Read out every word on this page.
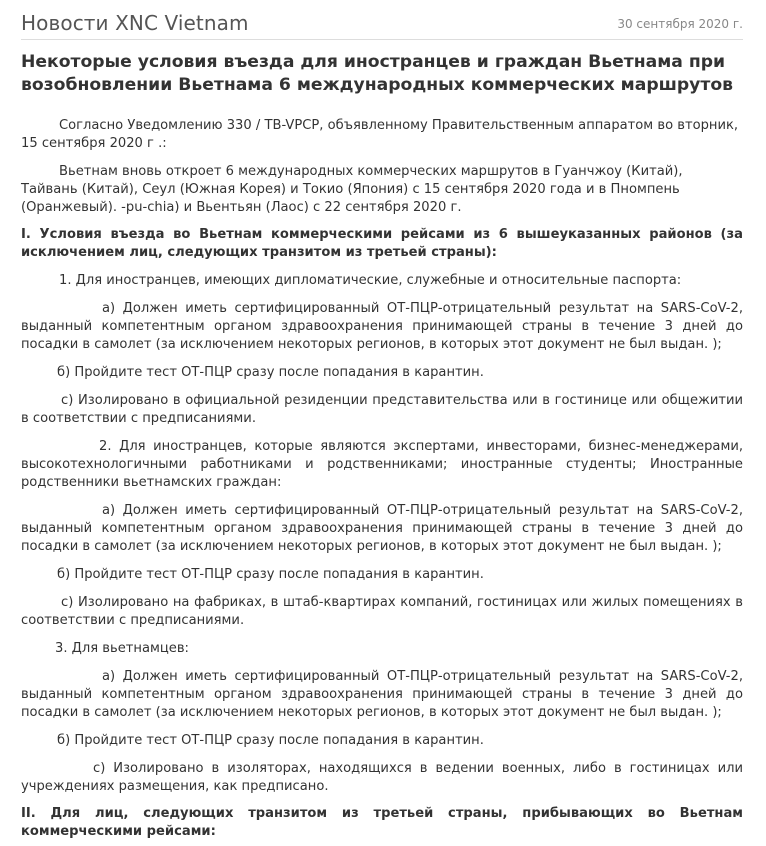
Новости XNC Vietnam	30 сентября 2020 г.
Некоторые условия въезда для иностранцев и граждан Вьетнама при возобновлении Вьетнама 6 международных коммерческих маршрутов

Согласно Уведомлению 330 / TB-VPCP, объявленному Правительственным аппаратом во вторник, 15 сентября 2020 г .:

Вьетнам вновь откроет 6 международных коммерческих маршрутов в Гуанчжоу (Китай), Тайвань (Китай), Сеул (Южная Корея) и Токио (Япония) с 15 сентября 2020 года и в Пномпень (Оранжевый). -pu-chia) и Вьентьян (Лаос) с 22 сентября 2020 г.

I. Условия въезда во Вьетнам коммерческими рейсами из 6 вышеуказанных районов (за исключением лиц, следующих транзитом из третьей страны):

1. Для иностранцев, имеющих дипломатические, служебные и относительные паспорта:

а) Должен иметь сертифицированный ОТ-ПЦР-отрицательный результат на SARS-CoV-2, выданный компетентным органом здравоохранения принимающей страны в течение 3 дней до посадки в самолет (за исключением некоторых регионов, в которых этот документ не был выдан. );

б) Пройдите тест ОТ-ПЦР сразу после попадания в карантин.

с) Изолировано в официальной резиденции представительства или в гостинице или общежитии в соответствии с предписаниями.

2. Для иностранцев, которые являются экспертами, инвесторами, бизнес-менеджерами, высокотехнологичными работниками и родственниками; иностранные студенты; Иностранные родственники вьетнамских граждан:

а) Должен иметь сертифицированный ОТ-ПЦР-отрицательный результат на SARS-CoV-2, выданный компетентным органом здравоохранения принимающей страны в течение 3 дней до посадки в самолет (за исключением некоторых регионов, в которых этот документ не был выдан. );

б) Пройдите тест ОТ-ПЦР сразу после попадания в карантин.

с) Изолировано на фабриках, в штаб-квартирах компаний, гостиницах или жилых помещениях в соответствии с предписаниями.

3. Для вьетнамцев:

а) Должен иметь сертифицированный ОТ-ПЦР-отрицательный результат на SARS-CoV-2, выданный компетентным органом здравоохранения принимающей страны в течение 3 дней до посадки в самолет (за исключением некоторых регионов, в которых этот документ не был выдан. );

б) Пройдите тест ОТ-ПЦР сразу после попадания в карантин.

с) Изолировано в изоляторах, находящихся в ведении военных, либо в гостиницах или учреждениях размещения, как предписано.

II. Для лиц, следующих транзитом из третьей страны, прибывающих во Вьетнам коммерческими рейсами:
